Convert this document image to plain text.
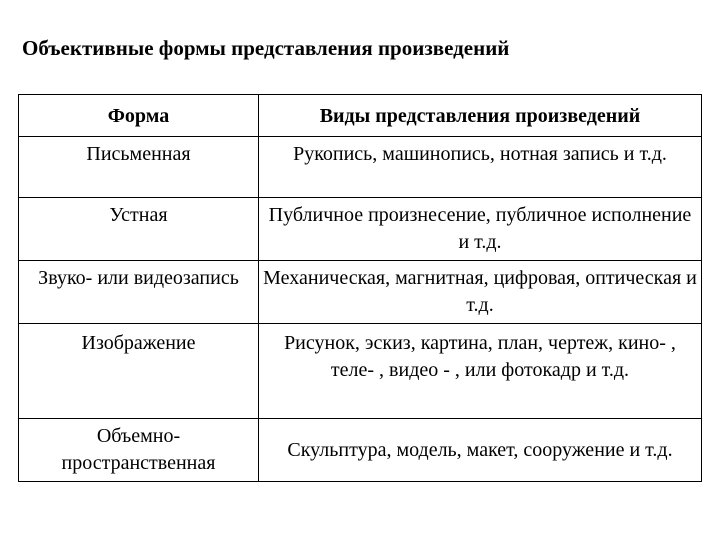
Объективные формы представления произведений
Форма	Виды представления произведений
Письменная	Рукопись, машинопись, нотная запись и т.д.
Устная	Публичное произнесение, публичное исполнение и т.д.
Звуко- или видеозапись	Механическая, магнитная, цифровая, оптическая и т.д.
Изображение	Рисунок, эскиз, картина, план, чертеж, кино- , теле- , видео - , или фотокадр и т.д.
Объемно-пространственная	Скульптура, модель, макет, сооружение и т.д.
